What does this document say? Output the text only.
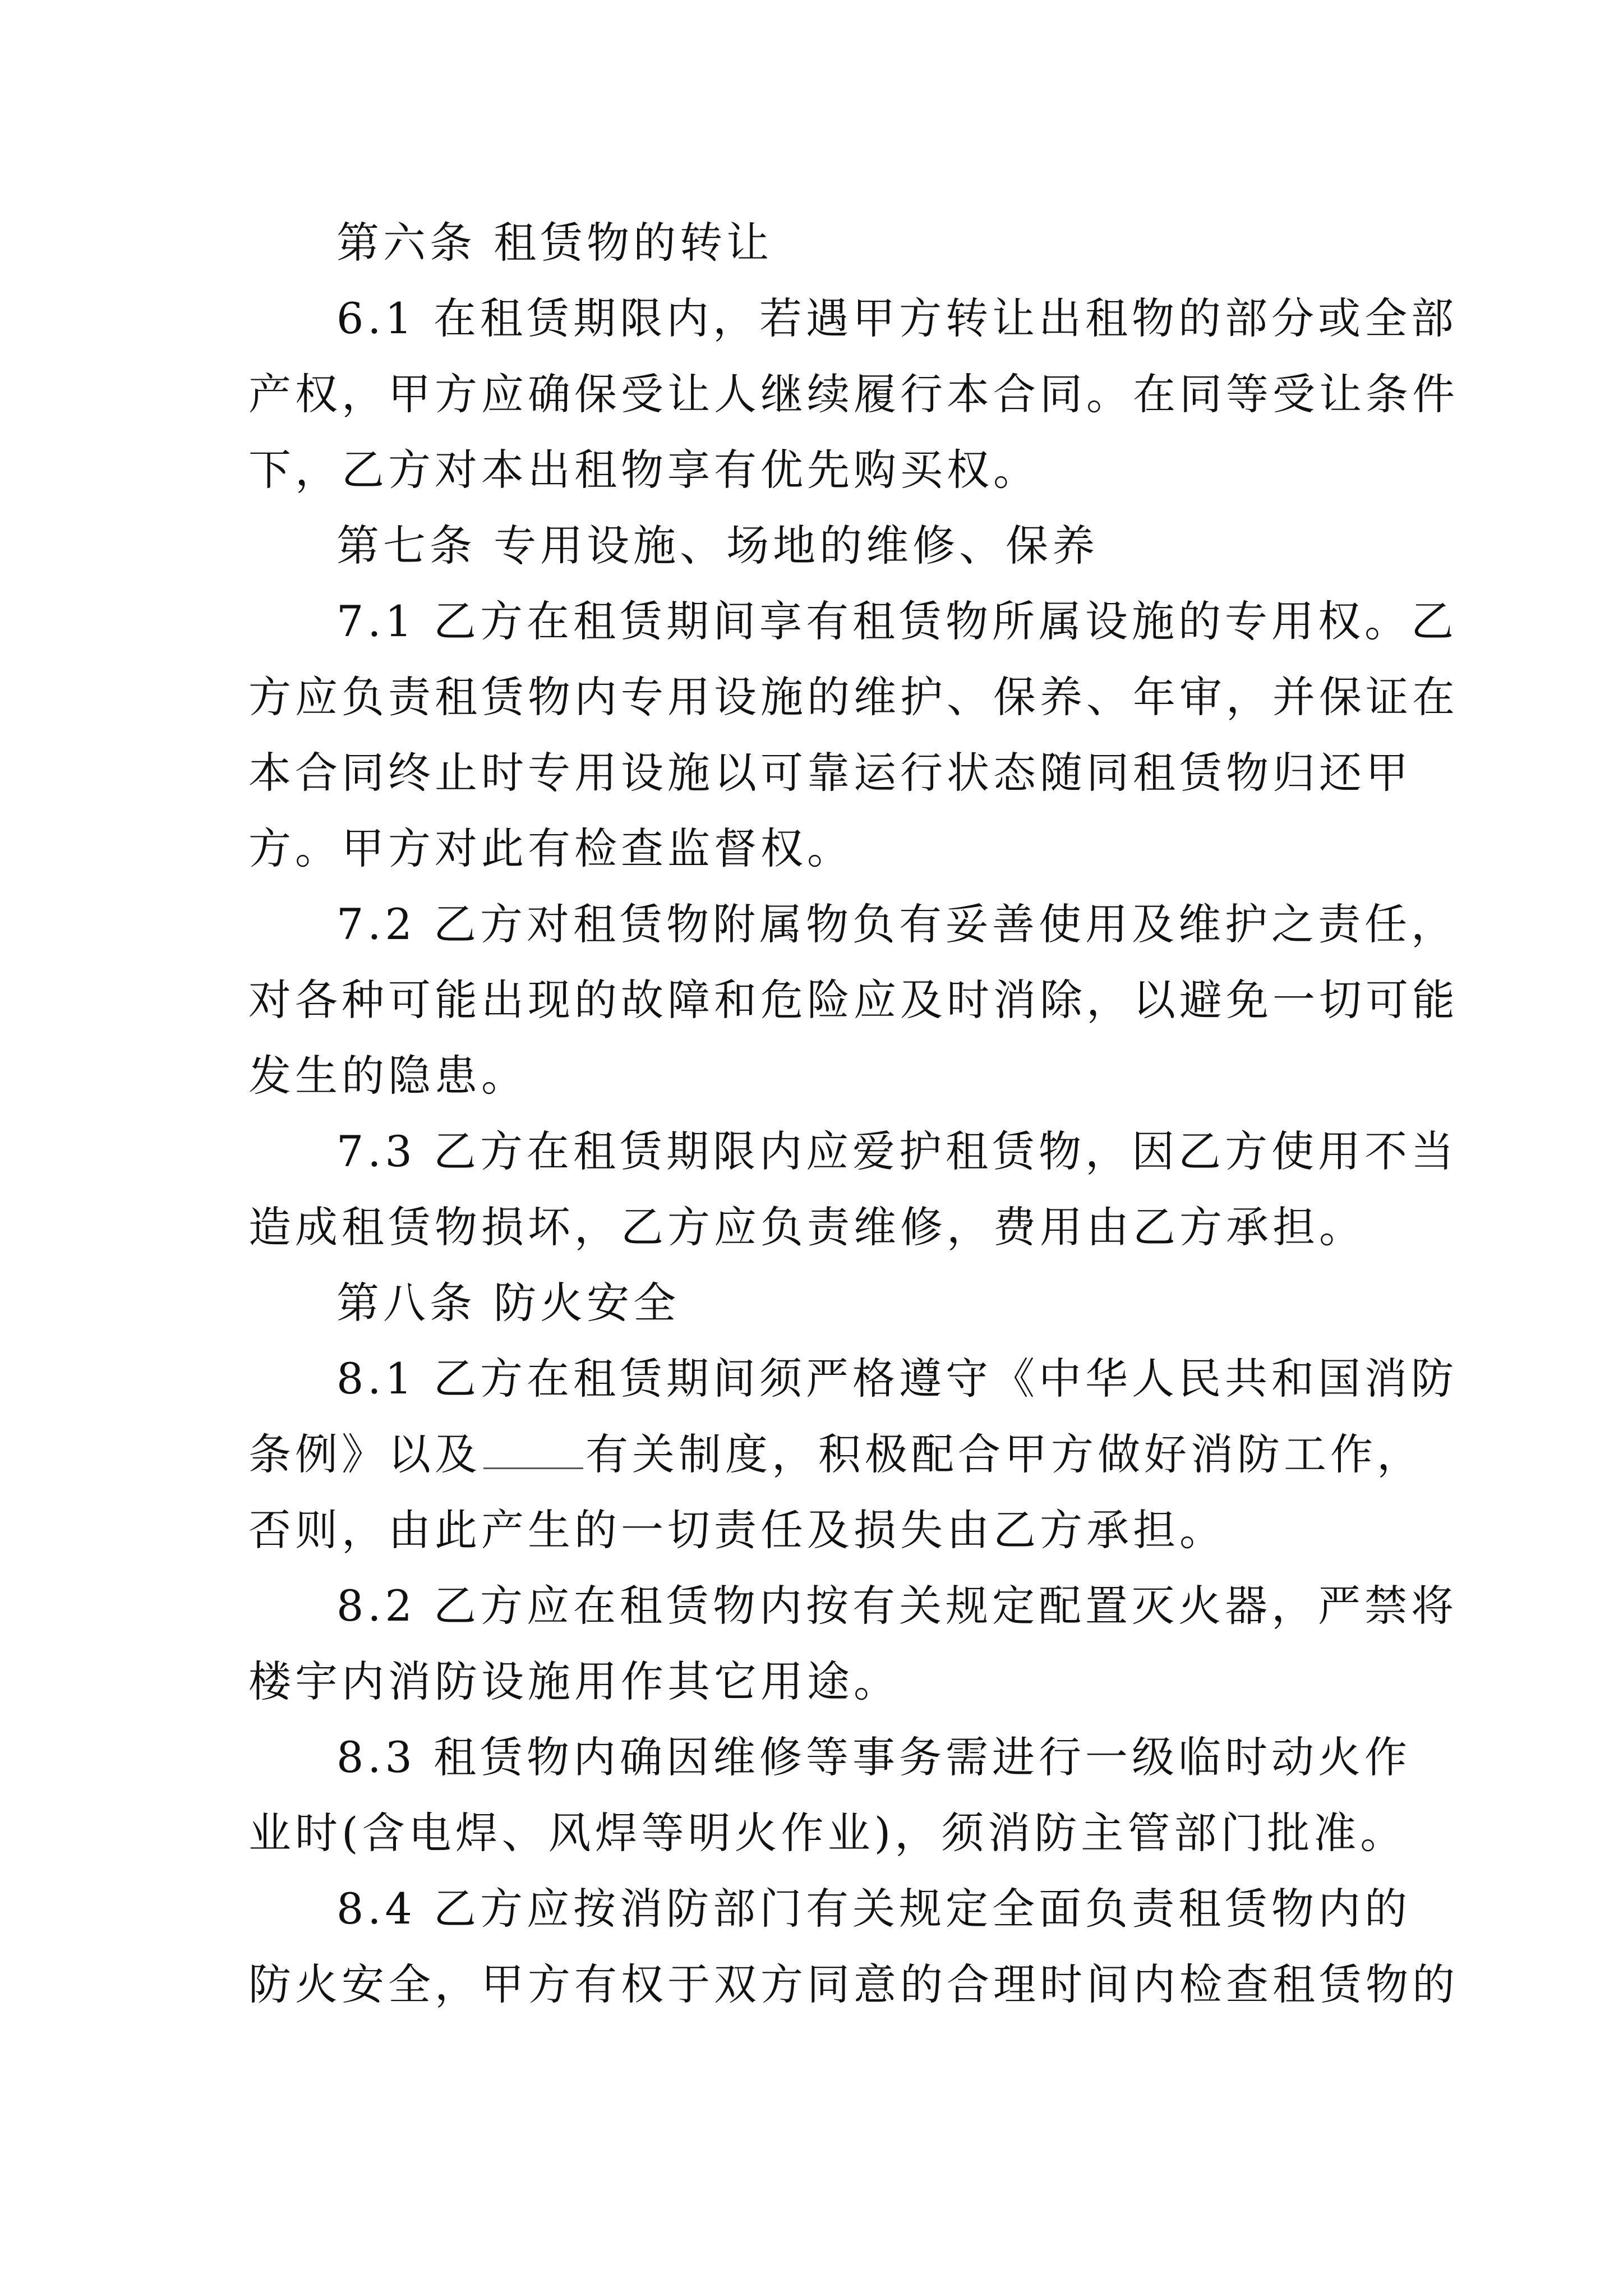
第六条 租赁物的转让
6.1 在租赁期限内，若遇甲方转让出租物的部分或全部
产权，甲方应确保受让人继续履行本合同。在同等受让条件
下，乙方对本出租物享有优先购买权。
第七条 专用设施、场地的维修、保养
7.1 乙方在租赁期间享有租赁物所属设施的专用权。乙
方应负责租赁物内专用设施的维护、保养、年审，并保证在
本合同终止时专用设施以可靠运行状态随同租赁物归还甲
方。甲方对此有检查监督权。
7.2 乙方对租赁物附属物负有妥善使用及维护之责任，
对各种可能出现的故障和危险应及时消除，以避免一切可能
发生的隐患。
7.3 乙方在租赁期限内应爱护租赁物，因乙方使用不当
造成租赁物损坏，乙方应负责维修，费用由乙方承担。
第八条 防火安全
8.1 乙方在租赁期间须严格遵守《中华人民共和国消防
条例》以及 有关制度，积极配合甲方做好消防工作，
否则，由此产生的一切责任及损失由乙方承担。
8.2 乙方应在租赁物内按有关规定配置灭火器，严禁将
楼宇内消防设施用作其它用途。
8.3 租赁物内确因维修等事务需进行一级临时动火作
业时(含电焊、风焊等明火作业)，须消防主管部门批准。
8.4 乙方应按消防部门有关规定全面负责租赁物内的
防火安全，甲方有权于双方同意的合理时间内检查租赁物的
